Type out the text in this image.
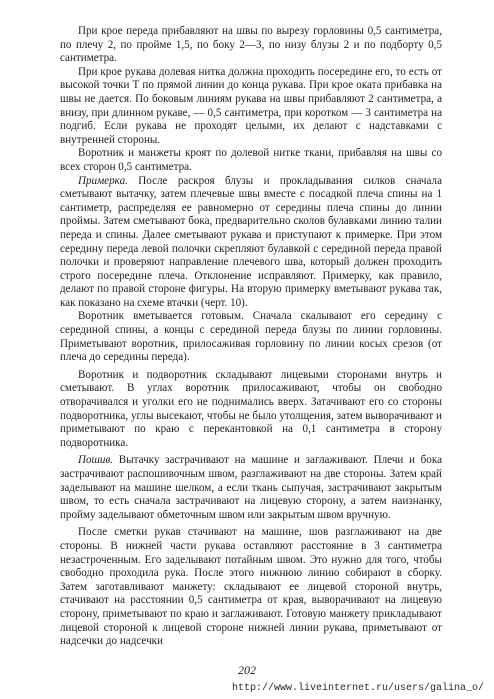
При крое переда прибавляют на швы по вырезу горловины 0,5 сантиметра, по плечу 2, по пройме 1,5, по боку 2—3, по низу блузы 2 и по подборту 0,5 сантиметра.

При крое рукава долевая нитка должна проходить посередине его, то есть от высокой точки Т по прямой линии до конца рукава. При крое оката прибавка на швы не дается. По боковым линиям рукава на швы прибавляют 2 сантиметра, а внизу, при длинном рукаве, — 0,5 сантиметра, при коротком — 3 сантиметра на подгиб. Если рукава не проходят целыми, их делают с надставками с внутренней стороны.

Воротник и манжеты кроят по долевой нитке ткани, прибавляя на швы со всех сторон 0,5 сантиметра.

Примерка. После раскроя блузы и прокладывания силков сначала сметывают вытачку, затем плечевые швы вместе с посадкой плеча спины на 1 сантиметр, распределяя ее равномерно от середины плеча спины до линии проймы. Затем сметывают бока, предварительно сколов булавками линию талии переда и спины. Далее сметывают рукава и приступают к примерке. При этом середину переда левой полочки скрепляют булавкой с серединой переда правой полочки и проверяют направление плечевого шва, который должен проходить строго посередине плеча. Отклонение исправляют. Примерку, как правило, делают по правой стороне фигуры. На вторую примерку вметывают рукава так, как показано на схеме втачки (черт. 10).

Воротник вметывается готовым. Сначала скалывают его середину с серединой спины, а концы с серединой переда блузы по линии горловины. Приметывают воротник, прилосаживая горловину по линии косых срезов (от плеча до середины переда).

Воротник и подворотник складывают лицевыми сторонами внутрь и сметывают. В углах воротник прилосаживают, чтобы он свободно отворачивался и уголки его не поднимались вверх. Затачивают его со стороны подворотника, углы высекают, чтобы не было утолщения, затем выворачивают и приметывают по краю с перекантовкой на 0,1 сантиметра в сторону подворотника.

Пошив. Вытачку застрачивают на машине и заглаживают. Плечи и бока застрачивают распошивочным швом, разглаживают на две стороны. Затем край заделывают на машине шелком, а если ткань сыпучая, застрачивают закрытым швом, то есть сначала застрачивают на лицевую сторону, а затем наизнанку, пройму заделывают обметочным швом или закрытым швом вручную.

После сметки рукав стачивают на машине, шов разглаживают на две стороны. В нижней части рукава оставляют расстояние в 3 сантиметра незастроченным. Его заделывают потайным швом. Это нужно для того, чтобы свободно проходила рука. После этого нижнюю линию собирают в сборку. Затем заготавливают манжету: складывают ее лицевой стороной внутрь, стачивают на расстоянии 0,5 сантиметра от края, выворачивают на лицевую сторону, приметывают по краю и заглаживают. Готовую манжету прикладывают лицевой стороной к лицевой стороне нижней линии рукава, приметывают от надсечки до надсечки

202
http://www.liveinternet.ru/users/galina_o/
